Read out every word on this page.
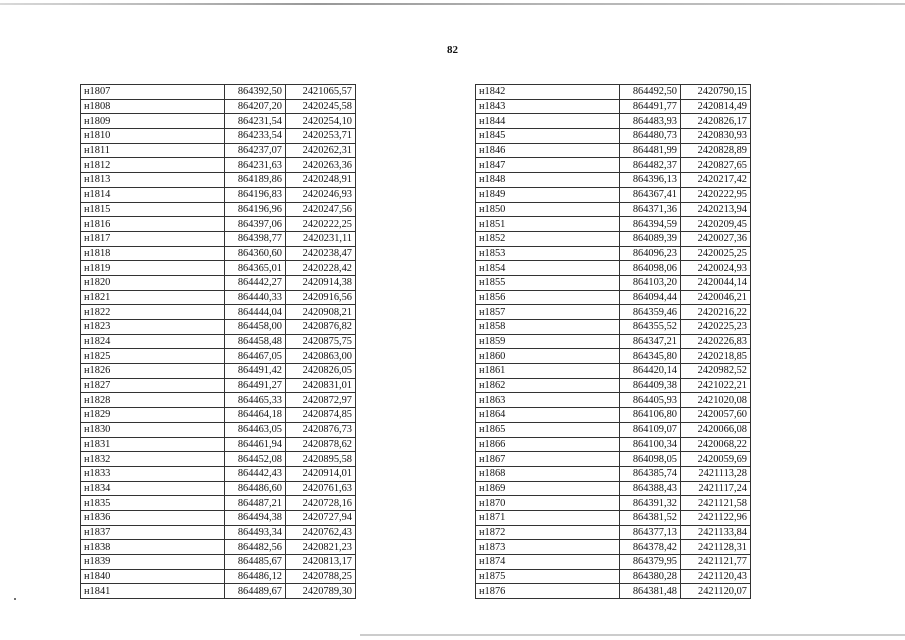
82
н1807	864392,50	2421065,57
н1808	864207,20	2420245,58
н1809	864231,54	2420254,10
н1810	864233,54	2420253,71
н1811	864237,07	2420262,31
н1812	864231,63	2420263,36
н1813	864189,86	2420248,91
н1814	864196,83	2420246,93
н1815	864196,96	2420247,56
н1816	864397,06	2420222,25
н1817	864398,77	2420231,11
н1818	864360,60	2420238,47
н1819	864365,01	2420228,42
н1820	864442,27	2420914,38
н1821	864440,33	2420916,56
н1822	864444,04	2420908,21
н1823	864458,00	2420876,82
н1824	864458,48	2420875,75
н1825	864467,05	2420863,00
н1826	864491,42	2420826,05
н1827	864491,27	2420831,01
н1828	864465,33	2420872,97
н1829	864464,18	2420874,85
н1830	864463,05	2420876,73
н1831	864461,94	2420878,62
н1832	864452,08	2420895,58
н1833	864442,43	2420914,01
н1834	864486,60	2420761,63
н1835	864487,21	2420728,16
н1836	864494,38	2420727,94
н1837	864493,34	2420762,43
н1838	864482,56	2420821,23
н1839	864485,67	2420813,17
н1840	864486,12	2420788,25
н1841	864489,67	2420789,30
н1842	864492,50	2420790,15
н1843	864491,77	2420814,49
н1844	864483,93	2420826,17
н1845	864480,73	2420830,93
н1846	864481,99	2420828,89
н1847	864482,37	2420827,65
н1848	864396,13	2420217,42
н1849	864367,41	2420222,95
н1850	864371,36	2420213,94
н1851	864394,59	2420209,45
н1852	864089,39	2420027,36
н1853	864096,23	2420025,25
н1854	864098,06	2420024,93
н1855	864103,20	2420044,14
н1856	864094,44	2420046,21
н1857	864359,46	2420216,22
н1858	864355,52	2420225,23
н1859	864347,21	2420226,83
н1860	864345,80	2420218,85
н1861	864420,14	2420982,52
н1862	864409,38	2421022,21
н1863	864405,93	2421020,08
н1864	864106,80	2420057,60
н1865	864109,07	2420066,08
н1866	864100,34	2420068,22
н1867	864098,05	2420059,69
н1868	864385,74	2421113,28
н1869	864388,43	2421117,24
н1870	864391,32	2421121,58
н1871	864381,52	2421122,96
н1872	864377,13	2421133,84
н1873	864378,42	2421128,31
н1874	864379,95	2421121,77
н1875	864380,28	2421120,43
н1876	864381,48	2421120,07
